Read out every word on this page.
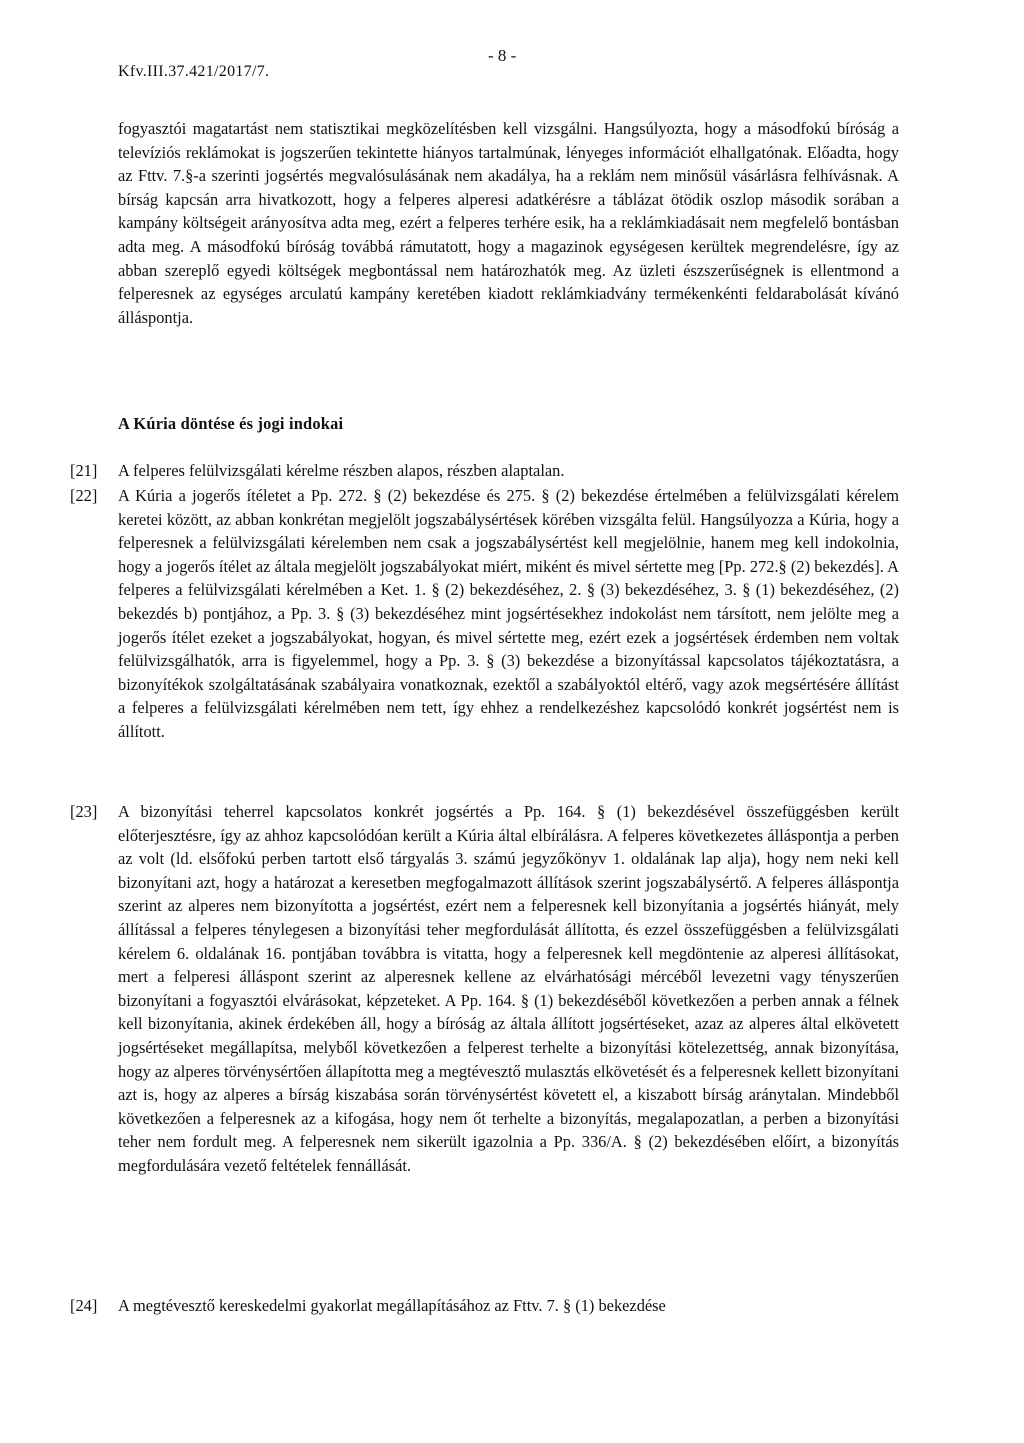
Kfv.III.37.421/2017/7.
- 8 -
fogyasztói magatartást nem statisztikai megközelítésben kell vizsgálni. Hangsúlyozta, hogy a másodfokú bíróság a televíziós reklámokat is jogszerűen tekintette hiányos tartalmúnak, lényeges információt elhallgatónak. Előadta, hogy az Fttv. 7.§-a szerinti jogsértés megvalósulásának nem akadálya, ha a reklám nem minősül vásárlásra felhívásnak. A bírság kapcsán arra hivatkozott, hogy a felperes alperesi adatkérésre a táblázat ötödik oszlop második sorában a kampány költségeit arányosítva adta meg, ezért a felperes terhére esik, ha a reklámkiadásait nem megfelelő bontásban adta meg. A másodfokú bíróság továbbá rámutatott, hogy a magazinok egységesen kerültek megrendelésre, így az abban szereplő egyedi költségek megbontással nem határozhatók meg. Az üzleti észszerűségnek is ellentmond a felperesnek az egységes arculatú kampány keretében kiadott reklámkiadvány termékenkénti feldarabolását kívánó álláspontja.
A Kúria döntése és jogi indokai
[21]	A felperes felülvizsgálati kérelme részben alapos, részben alaptalan.
[22]	A Kúria a jogerős ítéletet a Pp. 272. § (2) bekezdése és 275. § (2) bekezdése értelmében a felülvizsgálati kérelem keretei között, az abban konkrétan megjelölt jogszabálysértések körében vizsgálta felül. Hangsúlyozza a Kúria, hogy a felperesnek a felülvizsgálati kérelemben nem csak a jogszabálysértést kell megjelölnie, hanem meg kell indokolnia, hogy a jogerős ítélet az általa megjelölt jogszabályokat miért, miként és mivel sértette meg [Pp. 272.§ (2) bekezdés]. A felperes a felülvizsgálati kérelmében a Ket. 1. § (2) bekezdéséhez, 2. § (3) bekezdéséhez, 3. § (1) bekezdéséhez, (2) bekezdés b) pontjához, a Pp. 3. § (3) bekezdéséhez mint jogsértésekhez indokolást nem társított, nem jelölte meg a jogerős ítélet ezeket a jogszabályokat, hogyan, és mivel sértette meg, ezért ezek a jogsértések érdemben nem voltak felülvizsgálhatók, arra is figyelemmel, hogy a Pp. 3. § (3) bekezdése a bizonyítással kapcsolatos tájékoztatásra, a bizonyítékok szolgáltatásának szabályaira vonatkoznak, ezektől a szabályoktól eltérő, vagy azok megsértésére állítást a felperes a felülvizsgálati kérelmében nem tett, így ehhez a rendelkezéshez kapcsolódó konkrét jogsértést nem is állított.
[23]	A bizonyítási teherrel kapcsolatos konkrét jogsértés a Pp. 164. § (1) bekezdésével összefüggésben került előterjesztésre, így az ahhoz kapcsolódóan került a Kúria által elbírálásra. A felperes következetes álláspontja a perben az volt (ld. elsőfokú perben tartott első tárgyalás 3. számú jegyzőkönyv 1. oldalának lap alja), hogy nem neki kell bizonyítani azt, hogy a határozat a keresetben megfogalmazott állítások szerint jogszabálysértő. A felperes álláspontja szerint az alperes nem bizonyította a jogsértést, ezért nem a felperesnek kell bizonyítania a jogsértés hiányát, mely állítással a felperes ténylegesen a bizonyítási teher megfordulását állította, és ezzel összefüggésben a felülvizsgálati kérelem 6. oldalának 16. pontjában továbbra is vitatta, hogy a felperesnek kell megdöntenie az alperesi állításokat, mert a felperesi álláspont szerint az alperesnek kellene az elvárhatósági mércéből levezetni vagy tényszerűen bizonyítani a fogyasztói elvárásokat, képzeteket. A Pp. 164. § (1) bekezdéséből következően a perben annak a félnek kell bizonyítania, akinek érdekében áll, hogy a bíróság az általa állított jogsértéseket, azaz az alperes által elkövetett jogsértéseket megállapítsa, melyből következően a felperest terhelte a bizonyítási kötelezettség, annak bizonyítása, hogy az alperes törvénysértően állapította meg a megtévesztő mulasztás elkövetését és a felperesnek kellett bizonyítani azt is, hogy az alperes a bírság kiszabása során törvénysértést követett el, a kiszabott bírság aránytalan. Mindebből következően a felperesnek az a kifogása, hogy nem őt terhelte a bizonyítás, megalapozatlan, a perben a bizonyítási teher nem fordult meg. A felperesnek nem sikerült igazolnia a Pp. 336/A. § (2) bekezdésében előírt, a bizonyítás megfordulására vezető feltételek fennállását.
[24]	A megtévesztő kereskedelmi gyakorlat megállapításához az Fttv. 7. § (1) bekezdése
